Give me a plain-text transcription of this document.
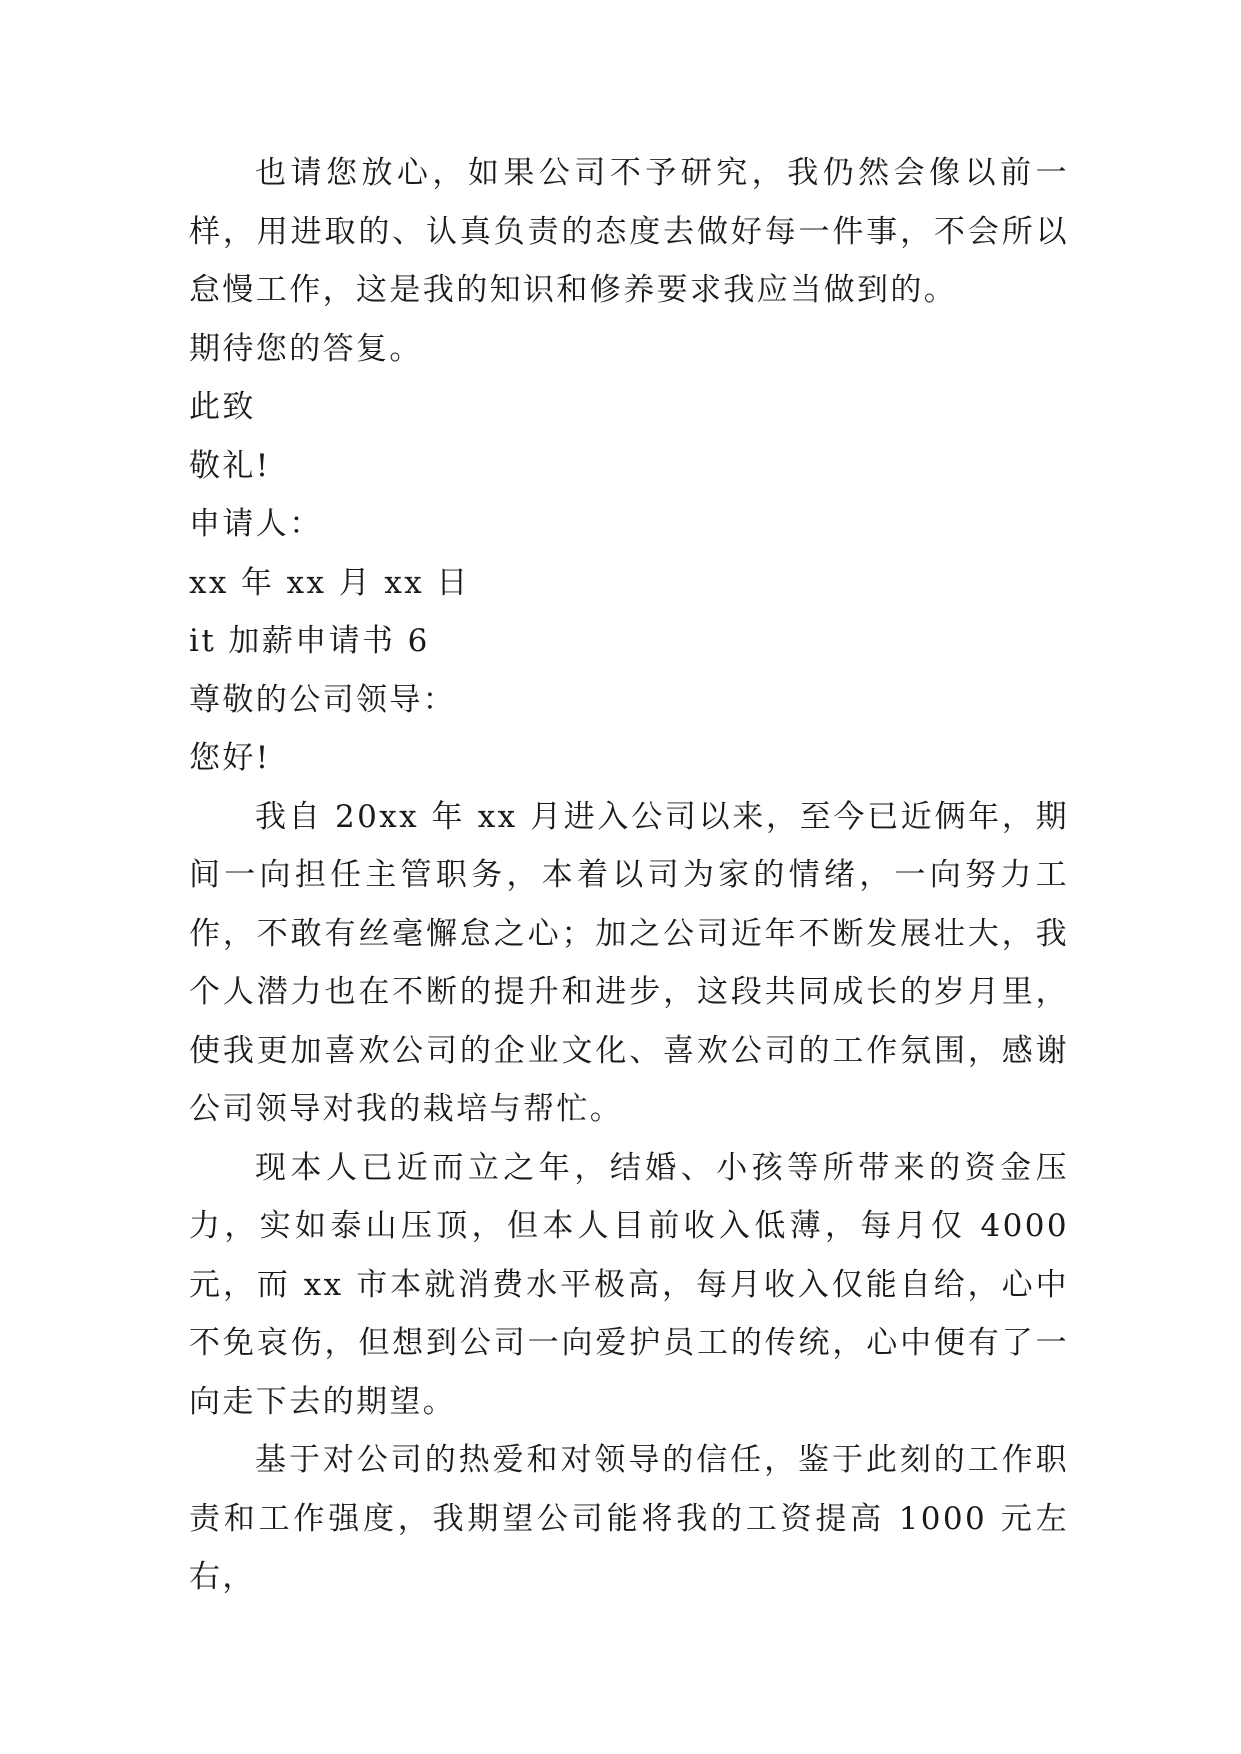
也请您放心，如果公司不予研究，我仍然会像以前一样，用进取的、认真负责的态度去做好每一件事，不会所以怠慢工作，这是我的知识和修养要求我应当做到的。

期待您的答复。

此致

敬礼!

申请人：

xx 年 xx 月 xx 日

it 加薪申请书 6

尊敬的公司领导：

您好!

我自 20xx 年 xx 月进入公司以来，至今已近俩年，期间一向担任主管职务，本着以司为家的情绪，一向努力工作，不敢有丝毫懈怠之心；加之公司近年不断发展壮大，我个人潜力也在不断的提升和进步，这段共同成长的岁月里，使我更加喜欢公司的企业文化、喜欢公司的工作氛围，感谢公司领导对我的栽培与帮忙。

现本人已近而立之年，结婚、小孩等所带来的资金压力，实如泰山压顶，但本人目前收入低薄，每月仅 4000 元，而 xx 市本就消费水平极高，每月收入仅能自给，心中不免哀伤，但想到公司一向爱护员工的传统，心中便有了一向走下去的期望。

基于对公司的热爱和对领导的信任，鉴于此刻的工作职责和工作强度，我期望公司能将我的工资提高 1000 元左右，
